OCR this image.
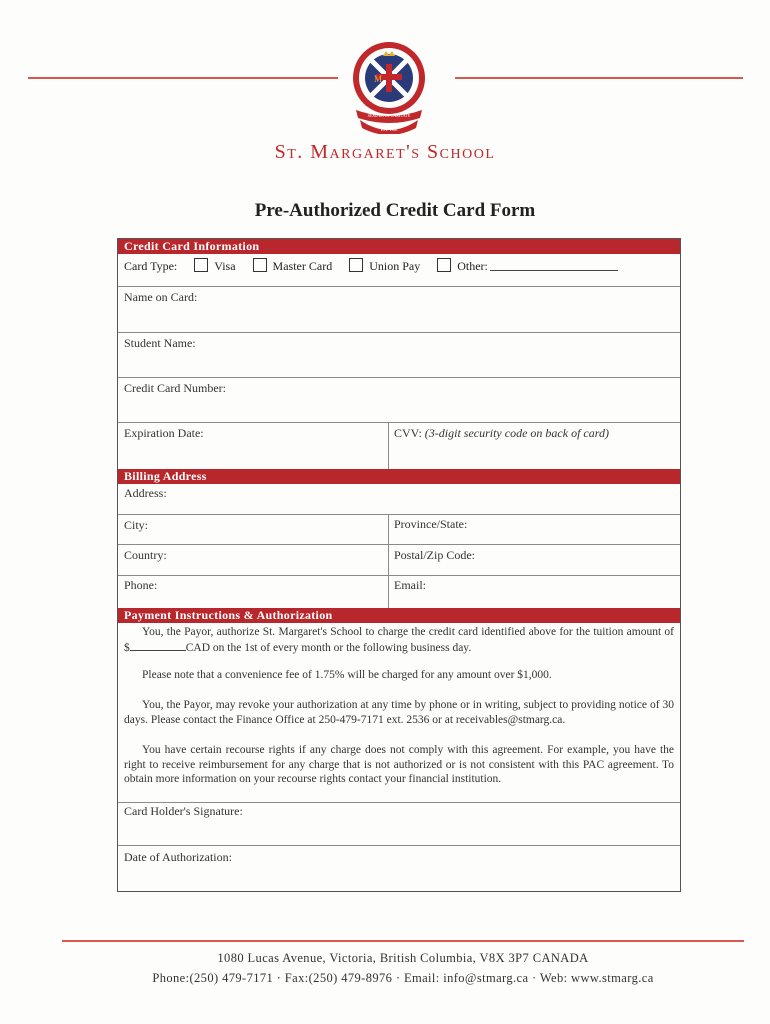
M
SEMPER IN CARITATE
EST. 1908
St. Margaret's School
Pre-Authorized Credit Card Form
Credit Card Information
Card Type:	Visa	Master Card	Union Pay	Other:
Name on Card:
Student Name:
Credit Card Number:
Expiration Date:	CVV: (3-digit security code on back of card)
Billing Address
Address:
City:	Province/State:
Country:	Postal/Zip Code:
Phone:	Email:
Payment Instructions & Authorization
You, the Payor, authorize St. Margaret's School to charge the credit card identified above for the tuition amount of $	CAD on the 1st of every month or the following business day.
Please note that a convenience fee of 1.75% will be charged for any amount over $1,000.
You, the Payor, may revoke your authorization at any time by phone or in writing, subject to providing notice of 30 days. Please contact the Finance Office at 250-479-7171 ext. 2536 or at receivables@stmarg.ca.
You have certain recourse rights if any charge does not comply with this agreement. For example, you have the right to receive reimbursement for any charge that is not authorized or is not consistent with this PAC agreement. To obtain more information on your recourse rights contact your financial institution.
Card Holder's Signature:
Date of Authorization:
1080 Lucas Avenue, Victoria, British Columbia, V8X 3P7 CANADA
Phone:(250) 479-7171 · Fax:(250) 479-8976 · Email: info@stmarg.ca · Web: www.stmarg.ca
